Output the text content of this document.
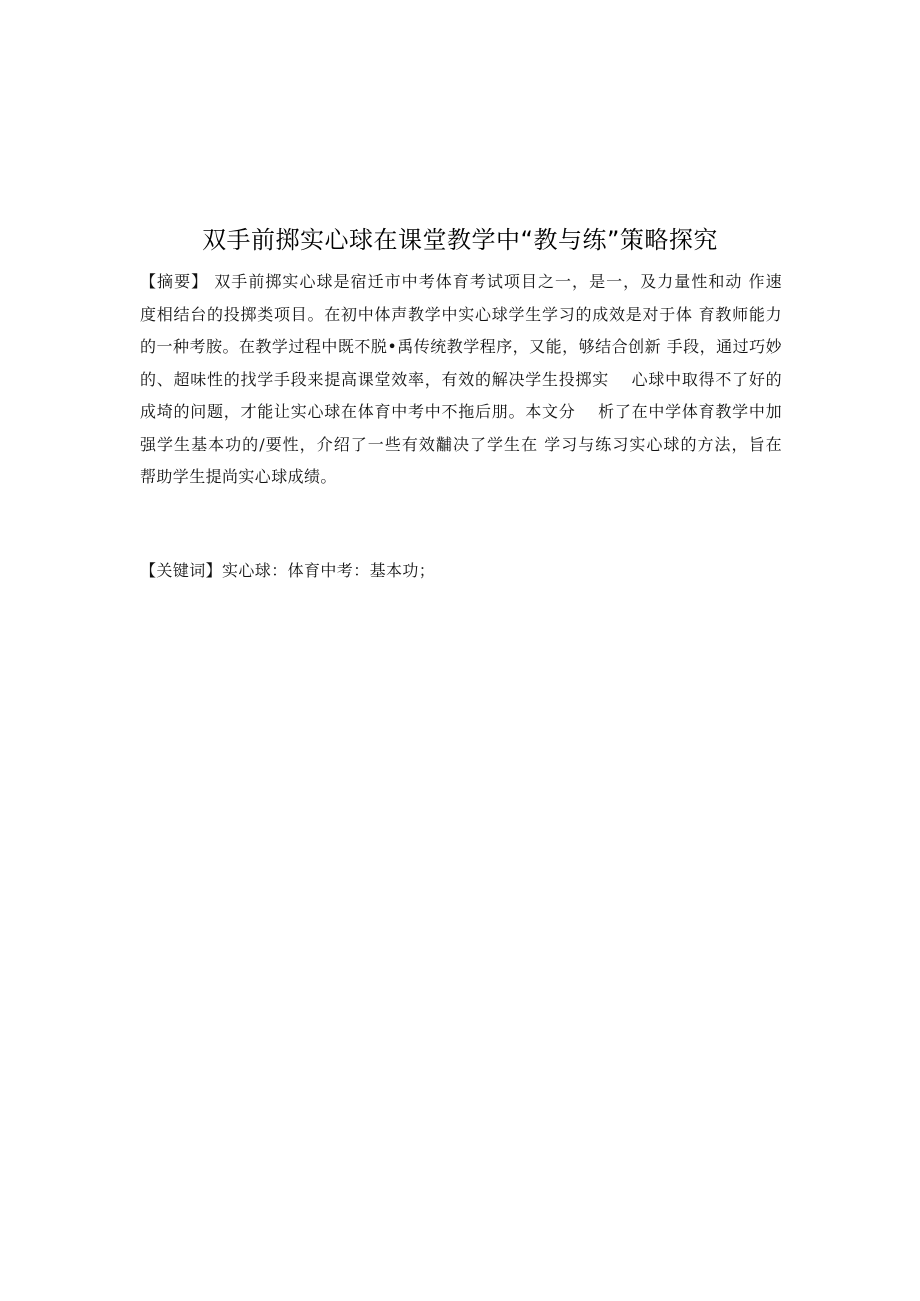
双手前掷实心球在课堂教学中“教与练”策略探究
【摘要】 双手前掷实心球是宿迁市中考体育考试项目之一，是一，及力量性和动 作速
度相结台的投掷类项目。在初中体声教学中实心球学生学习的成效是对于体 育教师能力
的一种考胺。在教学过程中既不脱•禹传统教学程序，又能，够结合创新 手段，通过巧妙
的、超味性的找学手段来提高课堂效率，有效的解决学生投掷实　 心球中取得不了好的
成埼的问题，才能让实心球在体育中考中不拖后朋。本文分　 析了在中学体育教学中加
强学生基本功的/要性，介绍了一些有效黼决了学生在 学习与练习实心球的方法，旨在
帮助学生提尚实心球成绩。
【关键词】实心球：体育中考：基本功；
